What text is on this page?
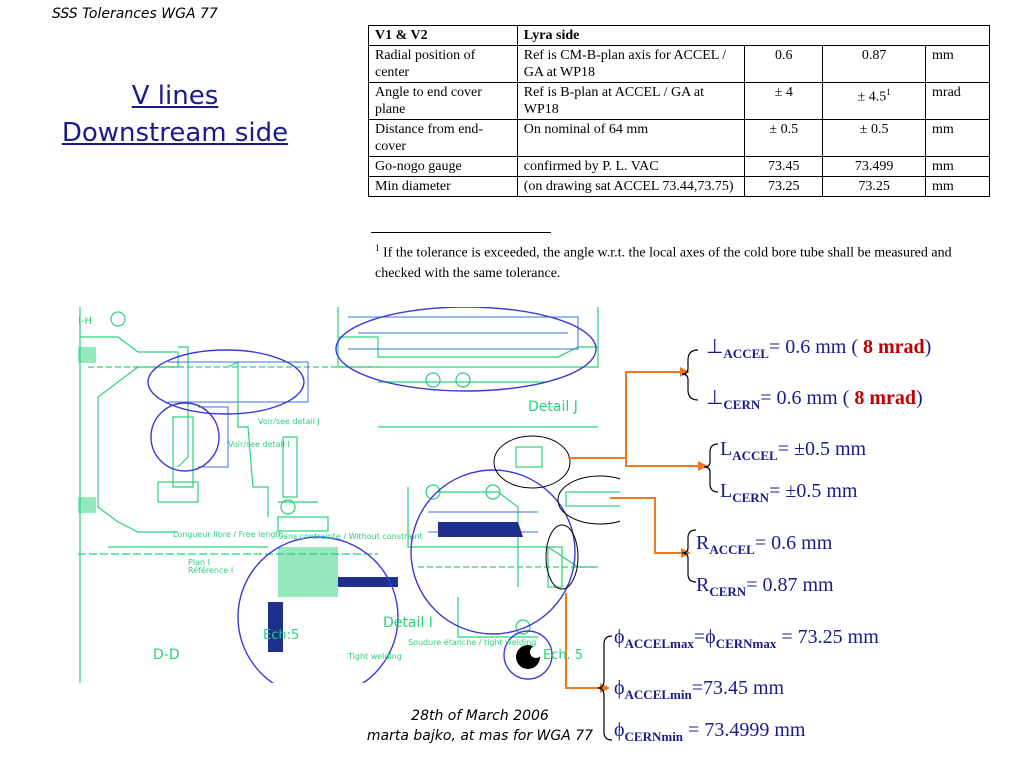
SSS Tolerances WGA 77
V lines
Downstream side
V1 & V2	Lyra side			
Radial position of center	Ref is CM-B-plan axis for ACCEL / GA at WP18	0.6	0.87	mm
Angle to end cover plane	Ref is B-plan at ACCEL / GA at WP18	± 4	± $4.5^1$	mrad
Distance from end-cover	On nominal of 64 mm	± 0.5	± 0.5	mm
Go-nogo gauge	confirmed by P. L. VAC	73.45	73.499	mm
Min diameter	(on drawing sat ACCEL 73.44,73.75)	73.25	73.25	mm
$^1$ If the tolerance is exceeded, the angle w.r.t. the local axes of the cold bore tube shall be measured and checked with the same tolerance.
I-H
D-D
Detail I
Detail J
Ech. 5
Ech:5
Plan I
Référence I
Longueur libre / Free length
Voir/see detail J
Voir/see detail I
Sans contrainte / Without constraint
Tight welding
Soudure étanche / tight welding
$\perp_{ACCEL}= 0.6$ mm ( 8 mrad)
$\perp_{CERN}= 0.6$ mm ( 8 mrad)
$L_{ACCEL}= \pm 0.5$ mm
$L_{CERN}= \pm 0.5$ mm
$R_{ACCEL}= 0.6$ mm
$R_{CERN}= 0.87$ mm
$\phi_{ACCELmax}=\phi_{CERNmax} = 73.25$ mm
$\phi_{ACCELmin}=73.45$ mm
$\phi_{CERNmin} = 73.4999$ mm
28th of March 2006
marta bajko, at mas for WGA 77
